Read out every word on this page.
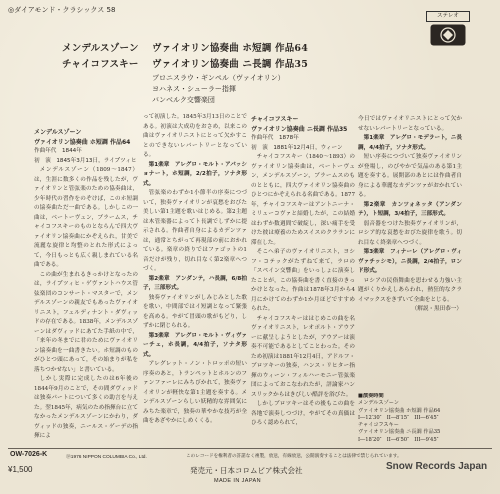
◎ダイアモンド・クラシックス 58
ステレオ
メンデルスゾーン ヴァイオリン協奏曲 ホ短調 作品64
チャイコフスキー ヴァイオリン協奏曲 ニ長調 作品35
ブロニスラウ・ギンペル（ヴァイオリン）
ヨハネス・シューラー指揮
バンベルク交響楽団
メンデルスゾーン
ヴァイオリン協奏曲 ホ短調 作品64
作曲年代　1844年
初　演　1845年3月13日，ライプツィヒ

メンデルスゾーン（1809〜1847）は，生涯に数多くの作品を残したが，ヴァイオリンと管弦楽のための協奏曲は，少年時代の習作をのぞけば，このホ短調の協奏曲ただ一曲である。しかしこの一曲は，ベートーヴェン，ブラームス，チャイコフスキーのものとならんで四大ヴァイオリン協奏曲にかぞえられ，甘美で流麗な旋律と均整のとれた形式によって，今日もっとも広く親しまれている名曲である。

この曲が生まれるきっかけとなったのは，ライプツィヒ・ゲヴァントハウス管弦楽団のコンサート・マスターで，メンデルスゾーンの親友でもあったヴァイオリニスト，フェルディナント・ダヴィッドの存在である。1838年，メンデルスゾーンはダヴィッドにあてた手紙の中で，「来年の冬までに君のためにヴァイオリン協奏曲を一曲書きたい。ホ短調のものがひとつ頭にあって，その始まりが私を落ちつかせない」と書いている。

しかし実際に完成したのは6年後の1844年9月のことで，その間ダヴィッドは独奏パートについて多くの助言を与えた。翌1845年，病気のため指揮台に立てなかったメンデルスゾーンにかわり，ダヴィッドの独奏，ニールス・ゲーデの指揮によ

って初演した。1845年3月13日のことである。初演は大成功をおさめ，以来この曲はヴァイオリニストにとって欠かすことのできないレパートリーとなっている。

第1楽章　アレグロ・モルト・アパッショナート，ホ短調，2/2拍子，ソナタ形式。

管弦楽のわずか1小節半の序奏につづいて，独奏ヴァイオリンが哀愁をおびた美しい第1主題を歌いはじめる。第2主題は木管楽器によってト長調でしずかに提示される。作曲者自身によるカデンツァは，通常とちがって再現部の前におかれている。楽章の終りではファゴットの1音だけが残り，切れ目なく第2楽章へつづく。

第2楽章　アンダンテ，ハ長調，6/8拍子，三部形式。

独奏ヴァイオリンがしみじみとした歌を歌い，中間部ではイ短調となって緊張を高める。やがて冒頭の歌がもどり，しずかに閉じられる。

第3楽章　アレグロ・モルト・ヴィヴァーチェ，ホ長調，4/4拍子，ソナタ形式。

アレグレット・ノン・トロッポの短い序奏のあと，トランペットとホルンのファンファーレにみちびかれて，独奏ヴァイオリンが軽快な第1主題を奏する。メンデルスゾーンらしい妖精的な雰囲気にみちた楽章で，独奏の華やかな技巧が全曲をあざやかにしめくくる。

チャイコフスキー
ヴァイオリン協奏曲 ニ長調 作品35
作曲年代　1878年
初　演　1881年12月4日，ウィーン

チャイコフスキー（1840〜1893）のヴァイオリン協奏曲は，ベートーヴェン，メンデルスゾーン，ブラームスのものとともに，四大ヴァイオリン協奏曲のひとつにかぞえられる名曲である。1877年，チャイコフスキーはアントニーナ・ミリューコヴァと結婚したが，この結婚はわずか数週間で破綻し，深い痛手を受けた彼は療養のためスイスのクラランに滞在した。

そこへ弟子のヴァイオリニスト，ヨシフ・コテックがたずねて来て，ラロの「スペイン交響曲」をいっしょに演奏したことが，この協奏曲を書く直接のきっかけとなった。作曲は1878年3月から4月にかけてのわずか1か月ほどですすめられた。

チャイコフスキーははじめこの曲を名ヴァイオリニスト，レオポルト・アウアーに献呈しようとしたが，アウアーは演奏不可能であるとしてことわった。そのため初演は1881年12月4日，アドルフ・ブロツキーの独奏，ハンス・リヒター指揮のウィーン・フィルハーモニー管弦楽団によっておこなわれたが，評論家ハンスリックからはきびしい酷評を浴びた。

しかしブロツキーはその後もこの曲を各地で演奏しつづけ，やがてその真価はひろく認められて，

今日ではヴァイオリニストにとって欠かせないレパートリーとなっている。

第1楽章　アレグロ・モデラート，ニ長調，4/4拍子，ソナタ形式。

短い序奏につづいて独奏ヴァイオリンが登場し，のびやかで気品のある第1主題を奏する。展開部のあとには作曲者自身による華麗なカデンツァがおかれている。

第2楽章　カンツォネッタ（アンダンテ），ト短調，3/4拍子，三部形式。

弱音器をつけた独奏ヴァイオリンが，ロシア的な哀愁をおびた旋律を歌う。切れ目なく終楽章へつづく。

第3楽章　フィナーレ（アレグロ・ヴィヴァチッシモ），ニ長調，2/4拍子，ロンド形式。

ロシアの民俗舞曲を思わせる力強い主題がくりかえしあらわれ，熱狂的なクライマックスをきずいて全曲をとじる。

（解説・黒田恭一）
■演奏時間
メンデルスゾーン
ヴァイオリン協奏曲 ホ短調 作品64
I―12′30″　II―8′15″　III―6′45″
チャイコフスキー
ヴァイオリン協奏曲 ニ長調 作品35
I―18′20″　II―6′50″　III―9′45″
OW-7026-K	ⓟ1976 NIPPON COLUMBIA Co., Ltd.	このレコードを権利者の許諾なく複製，放送，有線放送，公開演奏することは法律で禁じられています。
¥1,500	発売元・日本コロムビア株式会社
MADE IN JAPAN
Snow Records Japan
